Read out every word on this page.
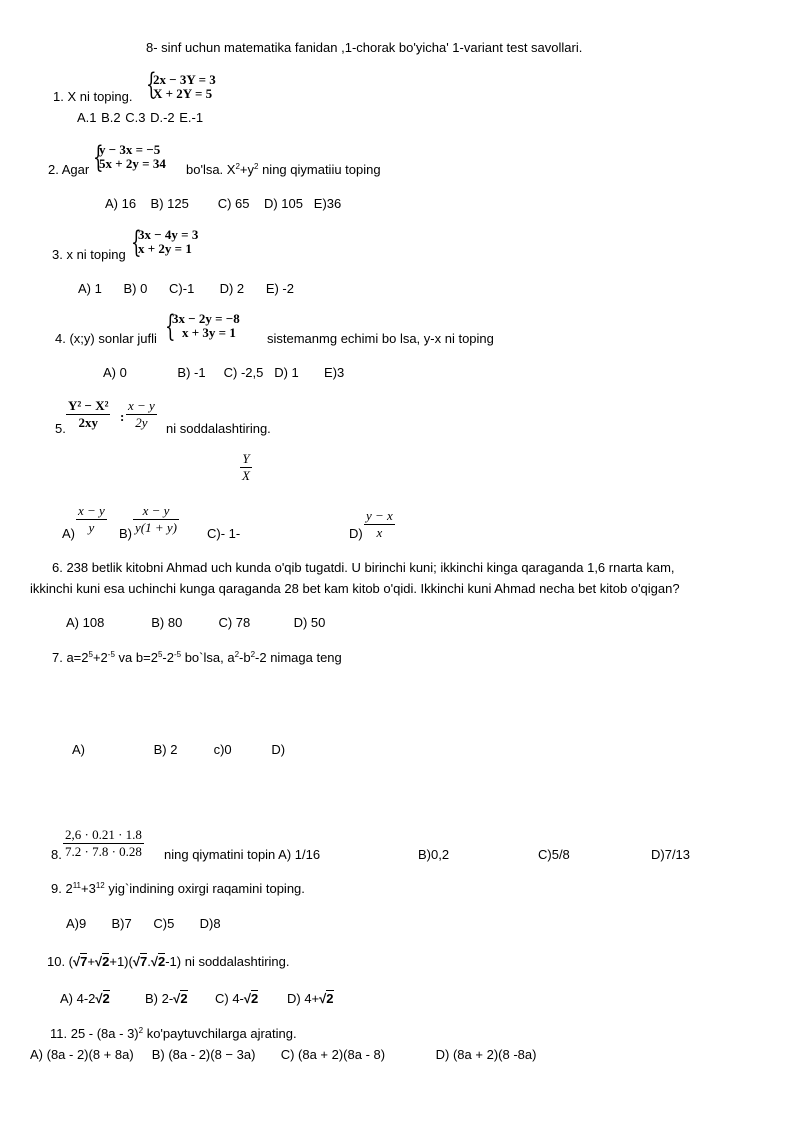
8- sinf uchun matematika fanidan ,1-chorak bo'yicha' 1-variant test savollari.
1. X ni toping. {
2x − 3Y = 3
X + 2Y = 5
A.1 B.2 C.3 D.-2 E.-1
2. Agar {
y − 3x = −5
5x + 2y = 34 bo'lsa. $X^2+y^2$ ning qiymatiiu toping
A) 16    B) 125        C) 65    D) 105   E)36
3. x ni toping {
3x − 4y = 3
x + 2y = 1
A) 1      B) 0      C)-1       D) 2      E) -2
4. (x;y) sonlar jufli {
3x − 2y = −8
x + 3y = 1	sistemanmg echimi bo lsa, y-x ni toping
A) 0              B) -1     C) -2,5   D) 1       E)3
5. $\frac{\text{Y² − X²}}{2xy}$ : $\frac{x - y}{2y}$ ni soddalashtiring.
$\frac{Y}{X}$
$A) \frac{x - y}{y} B) \frac{x - y}{y(1 + y)} C)-$ 1-	$D) \frac{y - x}{x}$
6. 238 betlik kitobni Ahmad uch kunda o'qib tugatdi. U birinchi kuni; ikkinchi kinga qaraganda 1,6 rnarta kam,
ikkinchi kuni esa uchinchi kunga qaraganda 28 bet kam kitob o'qidi. Ikkinchi kuni Ahmad necha bet kitob o'qigan?
A) 108             B) 80          C) 78            D) 50
7. $a=2^5+2^{-5}$ va $b=2^5-2^{-5}$ bo`lsa, $a^2-b^2-2$ nimaga teng
A)                   B) 2          c)0           D)
$\frac{2,6 \cdot 0.21 \cdot 1.8}{7.2 \cdot 7.8 \cdot 0.28}$
8.	ning qiymatini topin A) 1/16	B)0,2	C)5/8	D)7/13
9. $2^{11}+3^{12}$ yig`indining oxirgi raqamini toping.
A)9       B)7      C)5       D)8
10. (√7+√2+1)(√7.√2-1) ni soddalashtiring.
A) 4-2√2	B) 2-√2 C) 4-√2 D) 4+√2
11. 25 - (8a - 3)$^2$ ko'paytuvchilarga ajrating.
A) (8a - 2)(8 + 8a)     B) (8a - 2)(8 − 3a)       C) (8a + 2)(8a - 8)              D) (8a + 2)(8 -8a)
